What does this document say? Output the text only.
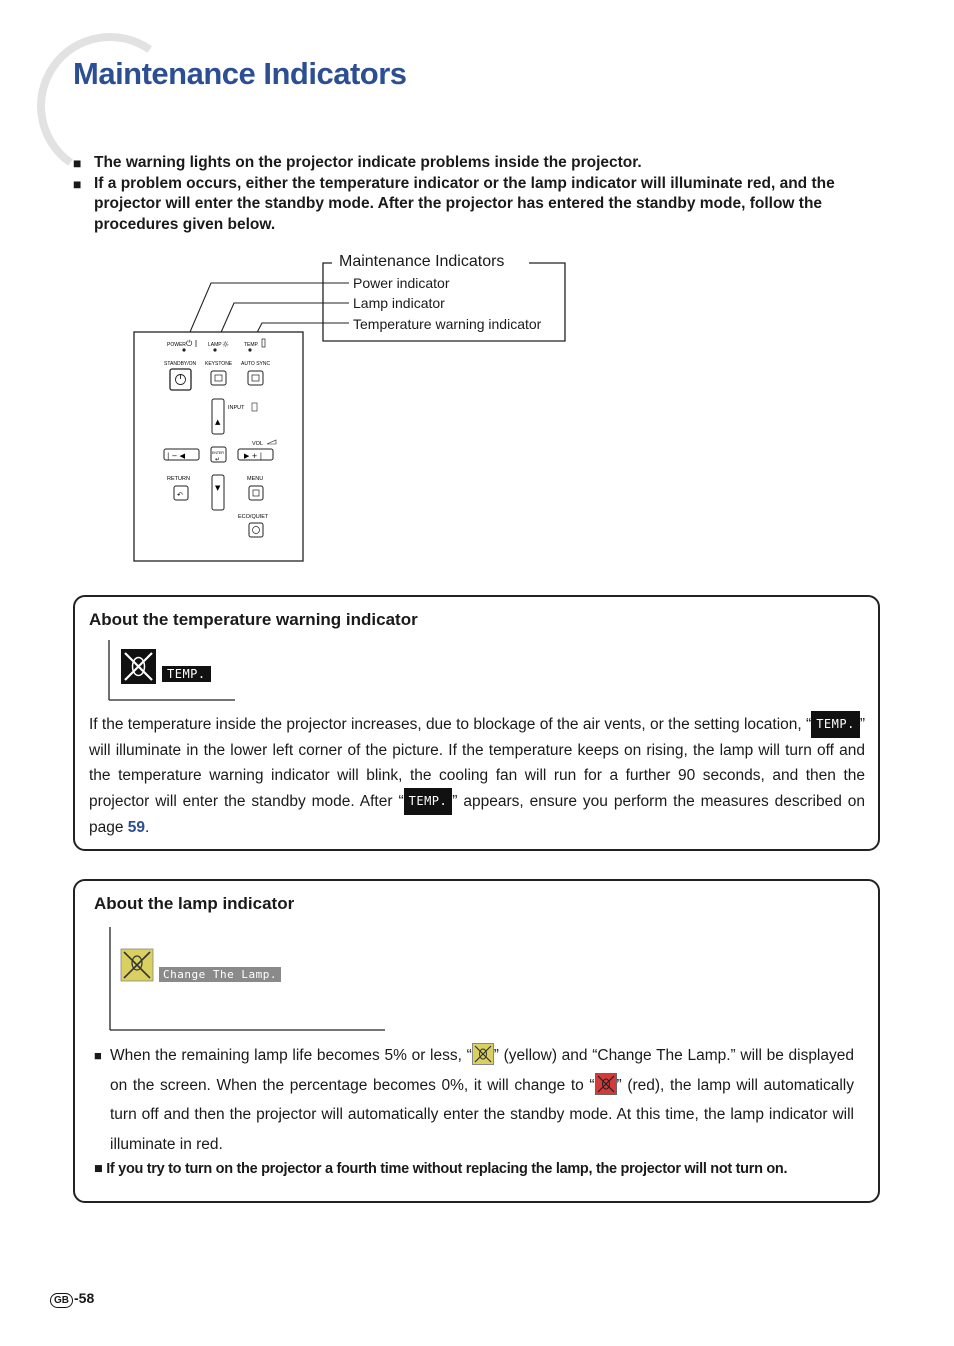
Maintenance Indicators
■ The warning lights on the projector indicate problems inside the projector.
■ If a problem occurs, either the temperature indicator or the lamp indicator will illuminate red, and the projector will enter the standby mode. After the projector has entered the standby mode, follow the procedures given below.
POWER ⏻	LAMP ☼	TEMP.
STANDBY/ON KEYSTONE AUTO SYNC
▲
INPUT
VOL
| − ◀	ENTER
↵	▶ + |
RETURN	MENU
↶
▼
ECO/QUIET
Maintenance Indicators
Power indicator
Lamp indicator
Temperature warning indicator
About the temperature warning indicator
TEMP.
If the temperature inside the projector increases, due to blockage of the air vents, or the setting location, “ TEMP. ” will illuminate in the lower left corner of the picture. If the temperature keeps on rising, the lamp will turn off and the temperature warning indicator will blink, the cooling fan will run for a further 90 seconds, and then the projector will enter the standby mode. After “ TEMP. ” appears, ensure you perform the measures described on page 59.
About the lamp indicator
Change The Lamp.
■ When the remaining lamp life becomes 5% or less, “ ” (yellow) and “Change The Lamp.” will be displayed on the screen. When the percentage becomes 0%, it will change to “ ” (red), the lamp will automatically turn off and then the projector will automatically enter the standby mode. At this time, the lamp indicator will illuminate in red.
■ If you try to turn on the projector a fourth time without replacing the lamp, the projector will not turn on.
GB -58
